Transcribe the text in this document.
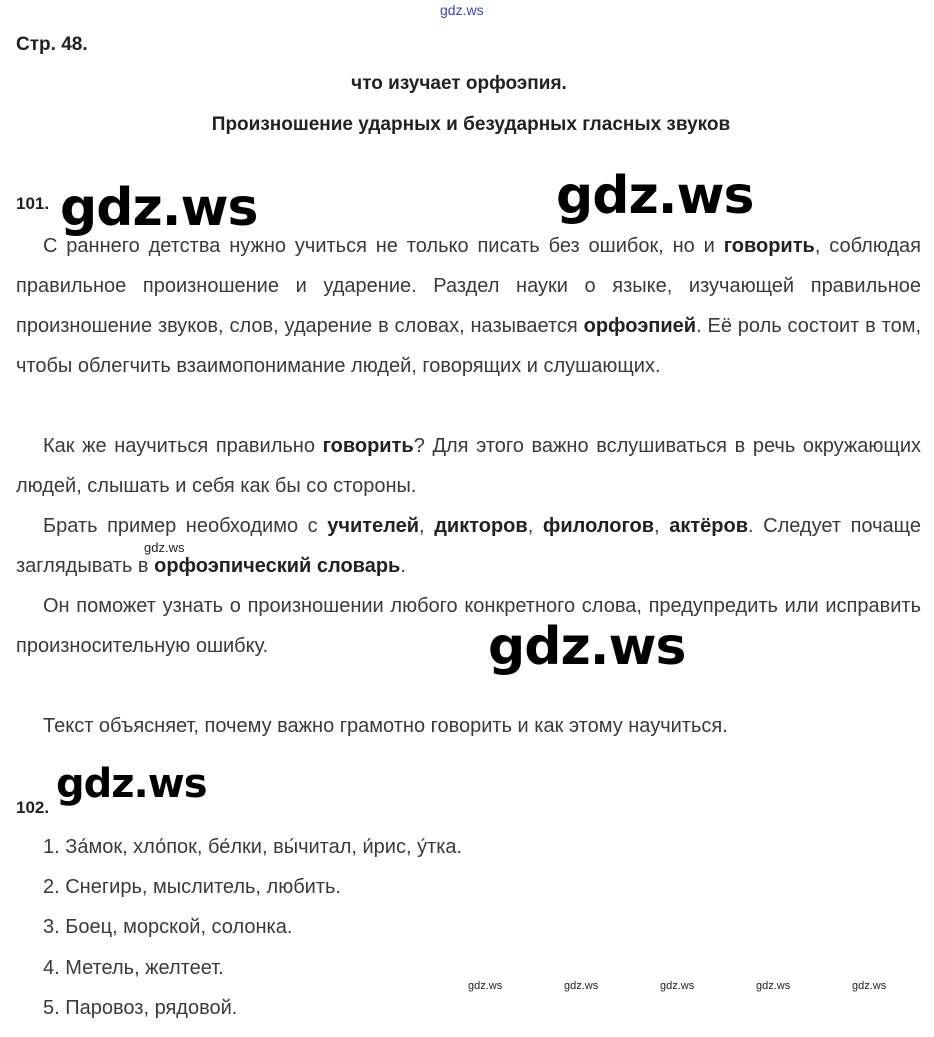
gdz.ws
Стр. 48.
что изучает орфоэпия.
Произношение ударных и безударных гласных звуков
101.

С раннего детства нужно учиться не только писать без ошибок, но и говорить, соблюдая правильное произношение и ударение. Раздел науки о языке, изучающей правильное произношение звуков, слов, ударение в словах, называется орфоэпией. Её роль состоит в том, чтобы облегчить взаимопонимание людей, говорящих и слушающих.

Как же научиться правильно говорить? Для этого важно вслушиваться в речь окружающих людей, слышать и себя как бы со стороны.

Брать пример необходимо с учителей, дикторов, филологов, актёров. Следует почаще заглядывать в орфоэпический словарь.

Он поможет узнать о произношении любого конкретного слова, предупредить или исправить произносительную ошибку.

Текст объясняет, почему важно грамотно говорить и как этому научиться.

102.
1. За́мок, хло́пок, бе́лки, вы́читал, и́рис, у́тка.
2. Снегирь, мыслитель, любить.
3. Боец, морской, солонка.
4. Метель, желтеет.
5. Паровоз, рядовой.
gdz.ws	gdz.ws
gdz.ws
gdz.ws
gdz.ws
gdz.ws	gdz.ws	gdz.ws	gdz.ws	gdz.ws
